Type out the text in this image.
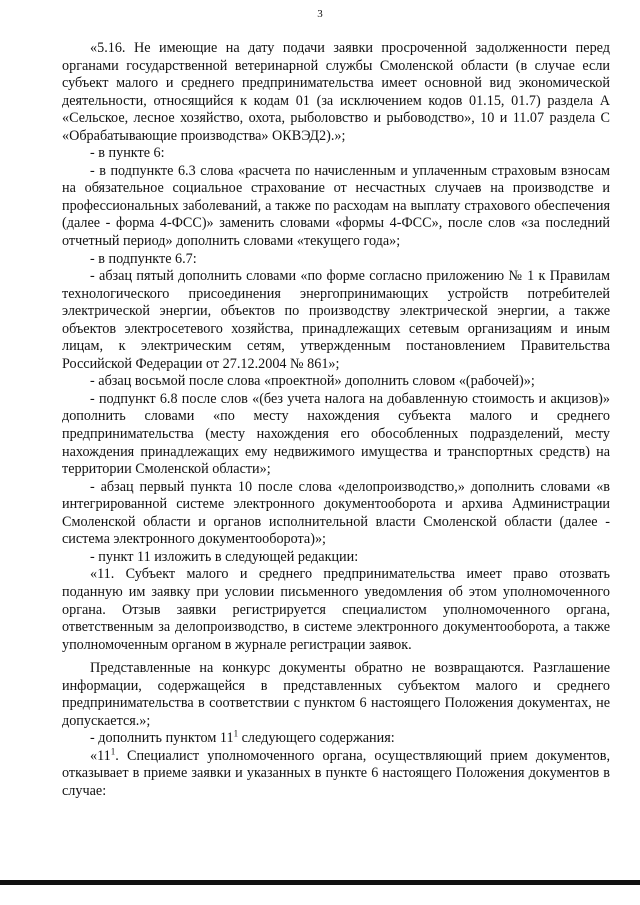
3

«5.16. Не имеющие на дату подачи заявки просроченной задолженности перед органами государственной ветеринарной службы Смоленской области (в случае если субъект малого и среднего предпринимательства имеет основной вид экономической деятельности, относящийся к кодам 01 (за исключением кодов 01.15, 01.7) раздела А «Сельское, лесное хозяйство, охота, рыболовство и рыбоводство», 10 и 11.07 раздела С «Обрабатывающие производства» ОКВЭД2).»;

- в пункте 6:

- в подпункте 6.3 слова «расчета по начисленным и уплаченным страховым взносам на обязательное социальное страхование от несчастных случаев на производстве и профессиональных заболеваний, а также по расходам на выплату страхового обеспечения (далее - форма 4-ФСС)» заменить словами «формы 4-ФСС», после слов «за последний отчетный период» дополнить словами «текущего года»;

- в подпункте 6.7:

- абзац пятый дополнить словами «по форме согласно приложению № 1 к Правилам технологического присоединения энергопринимающих устройств потребителей электрической энергии, объектов по производству электрической энергии, а также объектов электросетевого хозяйства, принадлежащих сетевым организациям и иным лицам, к электрическим сетям, утвержденным постановлением Правительства Российской Федерации от 27.12.2004 № 861»;

- абзац восьмой после слова «проектной» дополнить словом «(рабочей)»;

- подпункт 6.8 после слов «(без учета налога на добавленную стоимость и акцизов)» дополнить словами «по месту нахождения субъекта малого и среднего предпринимательства (месту нахождения его обособленных подразделений, месту нахождения принадлежащих ему недвижимого имущества и транспортных средств) на территории Смоленской области»;

- абзац первый пункта 10 после слова «делопроизводство,» дополнить словами «в интегрированной системе электронного документооборота и архива Администрации Смоленской области и органов исполнительной власти Смоленской области (далее - система электронного документооборота)»;

- пункт 11 изложить в следующей редакции:

«11. Субъект малого и среднего предпринимательства имеет право отозвать поданную им заявку при условии письменного уведомления об этом уполномоченного органа. Отзыв заявки регистрируется специалистом уполномоченного органа, ответственным за делопроизводство, в системе электронного документооборота, а также уполномоченным органом в журнале регистрации заявок.

Представленные на конкурс документы обратно не возвращаются. Разглашение информации, содержащейся в представленных субъектом малого и среднего предпринимательства в соответствии с пунктом 6 настоящего Положения документах, не допускается.»;

- дополнить пунктом $11^1$ следующего содержания:

«$11^1$. Специалист уполномоченного органа, осуществляющий прием документов, отказывает в приеме заявки и указанных в пункте 6 настоящего Положения документов в случае:
